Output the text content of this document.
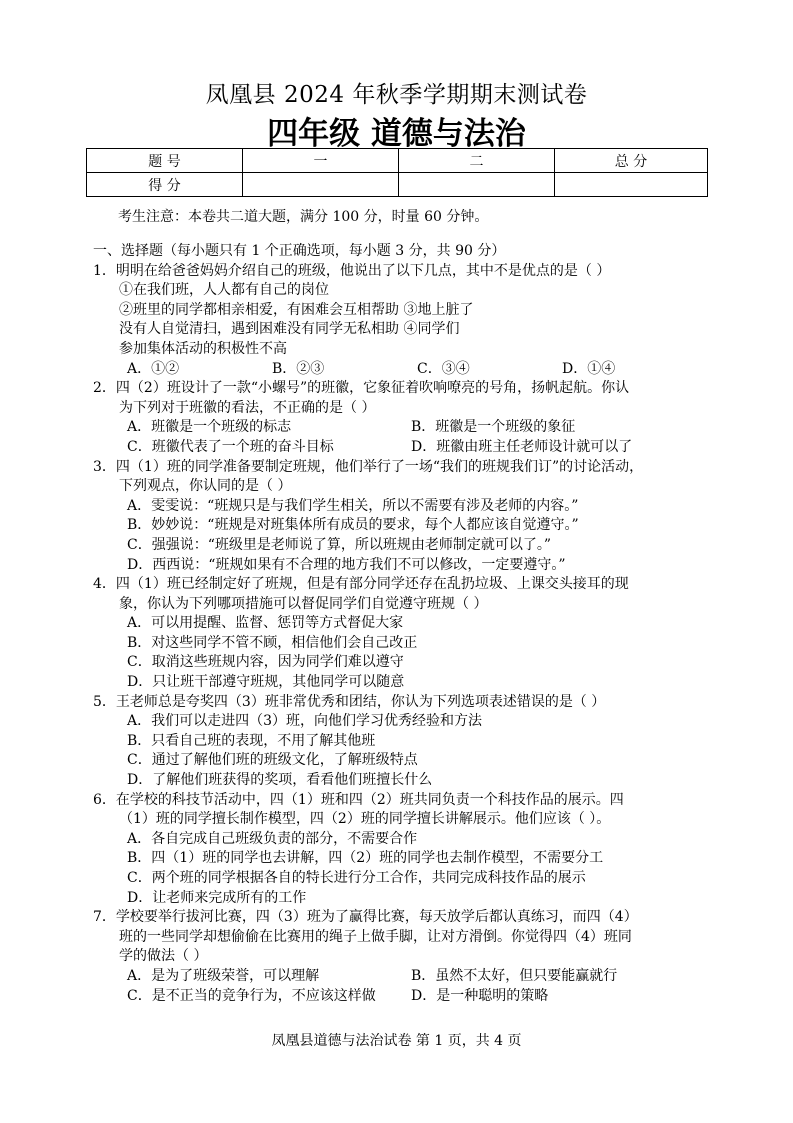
凤凰县 2024 年秋季学期期末测试卷
四年级 道德与法治
题 号	一	二	总 分
得 分			
考生注意：本卷共二道大题，满分 100 分，时量 60 分钟。
一、选择题（每小题只有 1 个正确选项，每小题 3 分，共 90 分）
1．明明在给爸爸妈妈介绍自己的班级，他说出了以下几点，其中不是优点的是（ ）
①在我们班，人人都有自己的岗位
②班里的同学都相亲相爱，有困难会互相帮助 ③地上脏了
没有人自觉清扫，遇到困难没有同学无私相助 ④同学们
参加集体活动的积极性不高
A．①②	B．②③	C．③④	D．①④
2．四（2）班设计了一款“小螺号”的班徽，它象征着吹响嘹亮的号角，扬帆起航。你认
为下列对于班徽的看法，不正确的是（ ）
A．班徽是一个班级的标志	B．班徽是一个班级的象征
C．班徽代表了一个班的奋斗目标	D．班徽由班主任老师设计就可以了
3．四（1）班的同学准备要制定班规，他们举行了一场“我们的班规我们订”的讨论活动，
下列观点，你认同的是（ ）
A．雯雯说：“班规只是与我们学生相关，所以不需要有涉及老师的内容。”
B．妙妙说：“班规是对班集体所有成员的要求，每个人都应该自觉遵守。”
C．强强说：“班级里是老师说了算，所以班规由老师制定就可以了。”
D．西西说：“班规如果有不合理的地方我们不可以修改，一定要遵守。”
4．四（1）班已经制定好了班规，但是有部分同学还存在乱扔垃圾、上课交头接耳的现
象，你认为下列哪项措施可以督促同学们自觉遵守班规（ ）
A．可以用提醒、监督、惩罚等方式督促大家
B．对这些同学不管不顾，相信他们会自己改正
C．取消这些班规内容，因为同学们难以遵守
D．只让班干部遵守班规，其他同学可以随意
5．王老师总是夸奖四（3）班非常优秀和团结，你认为下列选项表述错误的是（ ）
A．我们可以走进四（3）班，向他们学习优秀经验和方法
B．只看自己班的表现，不用了解其他班
C．通过了解他们班的班级文化，了解班级特点
D．了解他们班获得的奖项，看看他们班擅长什么
6．在学校的科技节活动中，四（1）班和四（2）班共同负责一个科技作品的展示。四
（1）班的同学擅长制作模型，四（2）班的同学擅长讲解展示。他们应该（ ）。
A．各自完成自己班级负责的部分，不需要合作
B．四（1）班的同学也去讲解，四（2）班的同学也去制作模型，不需要分工
C．两个班的同学根据各自的特长进行分工合作，共同完成科技作品的展示
D．让老师来完成所有的工作
7．学校要举行拔河比赛，四（3）班为了赢得比赛，每天放学后都认真练习，而四（4）
班的一些同学却想偷偷在比赛用的绳子上做手脚，让对方滑倒。你觉得四（4）班同
学的做法（ ）
A．是为了班级荣誉，可以理解	B．虽然不太好，但只要能赢就行
C．是不正当的竞争行为，不应该这样做	D．是一种聪明的策略
凤凰县道德与法治试卷 第 1 页，共 4 页
